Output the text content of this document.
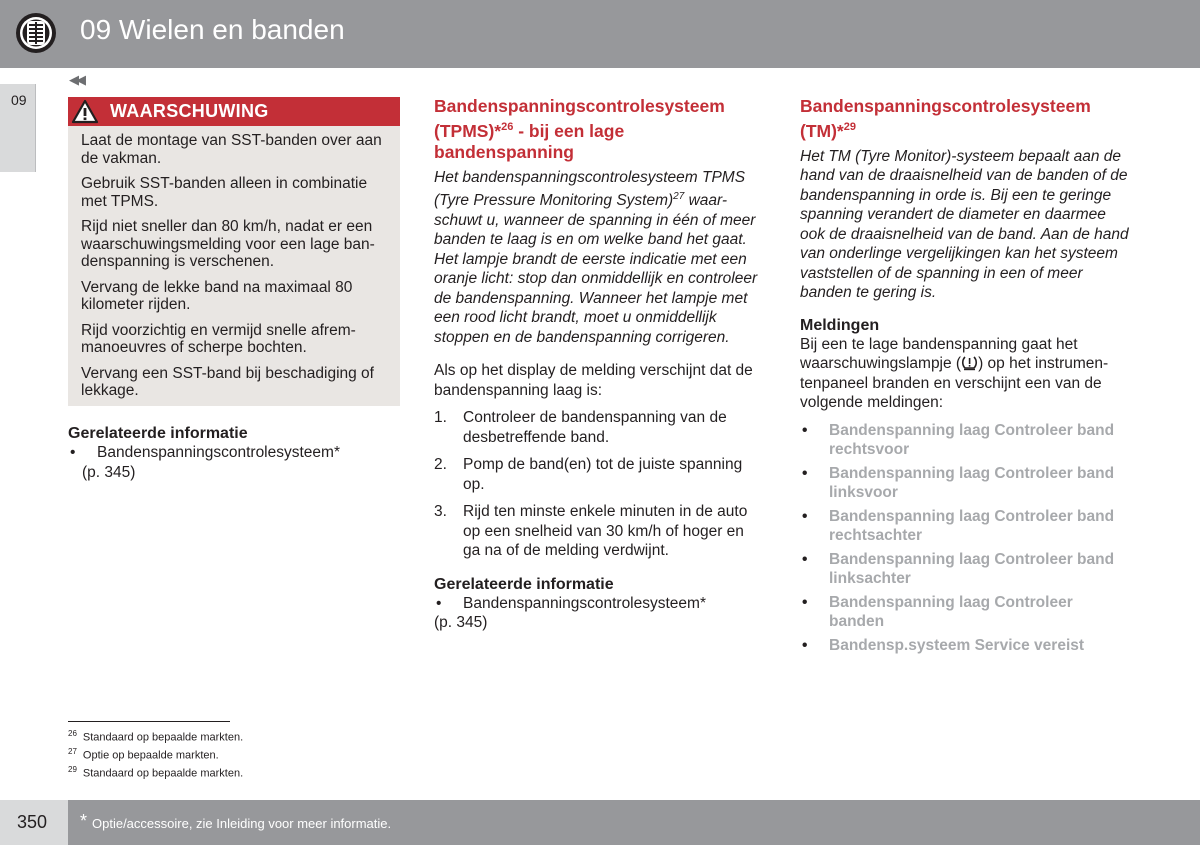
09 Wielen en banden
09
◀◀
WAARSCHUWING

Laat de montage van SST-banden over aan de vakman.

Gebruik SST-banden alleen in combinatie met TPMS.

Rijd niet sneller dan 80 km/h, nadat er een waarschuwingsmelding voor een lage ban-denspanning is verschenen.

Vervang de lekke band na maximaal 80 kilometer rijden.

Rijd voorzichtig en vermijd snelle afrem-manoeuvres of scherpe bochten.

Vervang een SST-band bij beschadiging of lekkage.

Gerelateerde informatie
• Bandenspanningscontrolesysteem*
(p. 345)
Bandenspanningscontrolesysteem (TPMS)*$^{26}$ - bij een lage bandenspanning

Het bandenspanningscontrolesysteem TPMS (Tyre Pressure Monitoring System)$^{27}$ waar-schuwt u, wanneer de spanning in één of meer banden te laag is en om welke band het gaat. Het lampje brandt de eerste indicatie met een oranje licht: stop dan onmiddellijk en controleer de bandenspanning. Wanneer het lampje met een rood licht brandt, moet u onmiddellijk stoppen en de bandenspanning corrigeren.

Als op het display de melding verschijnt dat de bandenspanning laag is:

1. Controleer de bandenspanning van de desbetreffende band.
2. Pomp de band(en) tot de juiste spanning op.
3. Rijd ten minste enkele minuten in de auto op een snelheid van 30 km/h of hoger en ga na of de melding verdwijnt.
Gerelateerde informatie
• Bandenspanningscontrolesysteem*
(p. 345)
Bandenspanningscontrolesysteem (TM)*$^{29}$

Het TM (Tyre Monitor)-systeem bepaalt aan de hand van de draaisnelheid van de banden of de bandenspanning in orde is. Bij een te geringe spanning verandert de diameter en daarmee ook de draaisnelheid van de band. Aan de hand van onderlinge vergelijkingen kan het systeem vaststellen of de spanning in een of meer banden te gering is.

Meldingen

Bij een te lage bandenspanning gaat het waarschuwingslampje ( ) op het instrumen-tenpaneel branden en verschijnt een van de volgende meldingen:

• Bandenspanning laag Controleer band rechtsvoor
• Bandenspanning laag Controleer band linksvoor
• Bandenspanning laag Controleer band rechtsachter
• Bandenspanning laag Controleer band linksachter
• Bandenspanning laag Controleer banden
• Bandensp.systeem Service vereist
$^{26}$ Standaard op bepaalde markten.
$^{27}$ Optie op bepaalde markten.
$^{29}$ Standaard op bepaalde markten.
350 * Optie/accessoire, zie Inleiding voor meer informatie.
